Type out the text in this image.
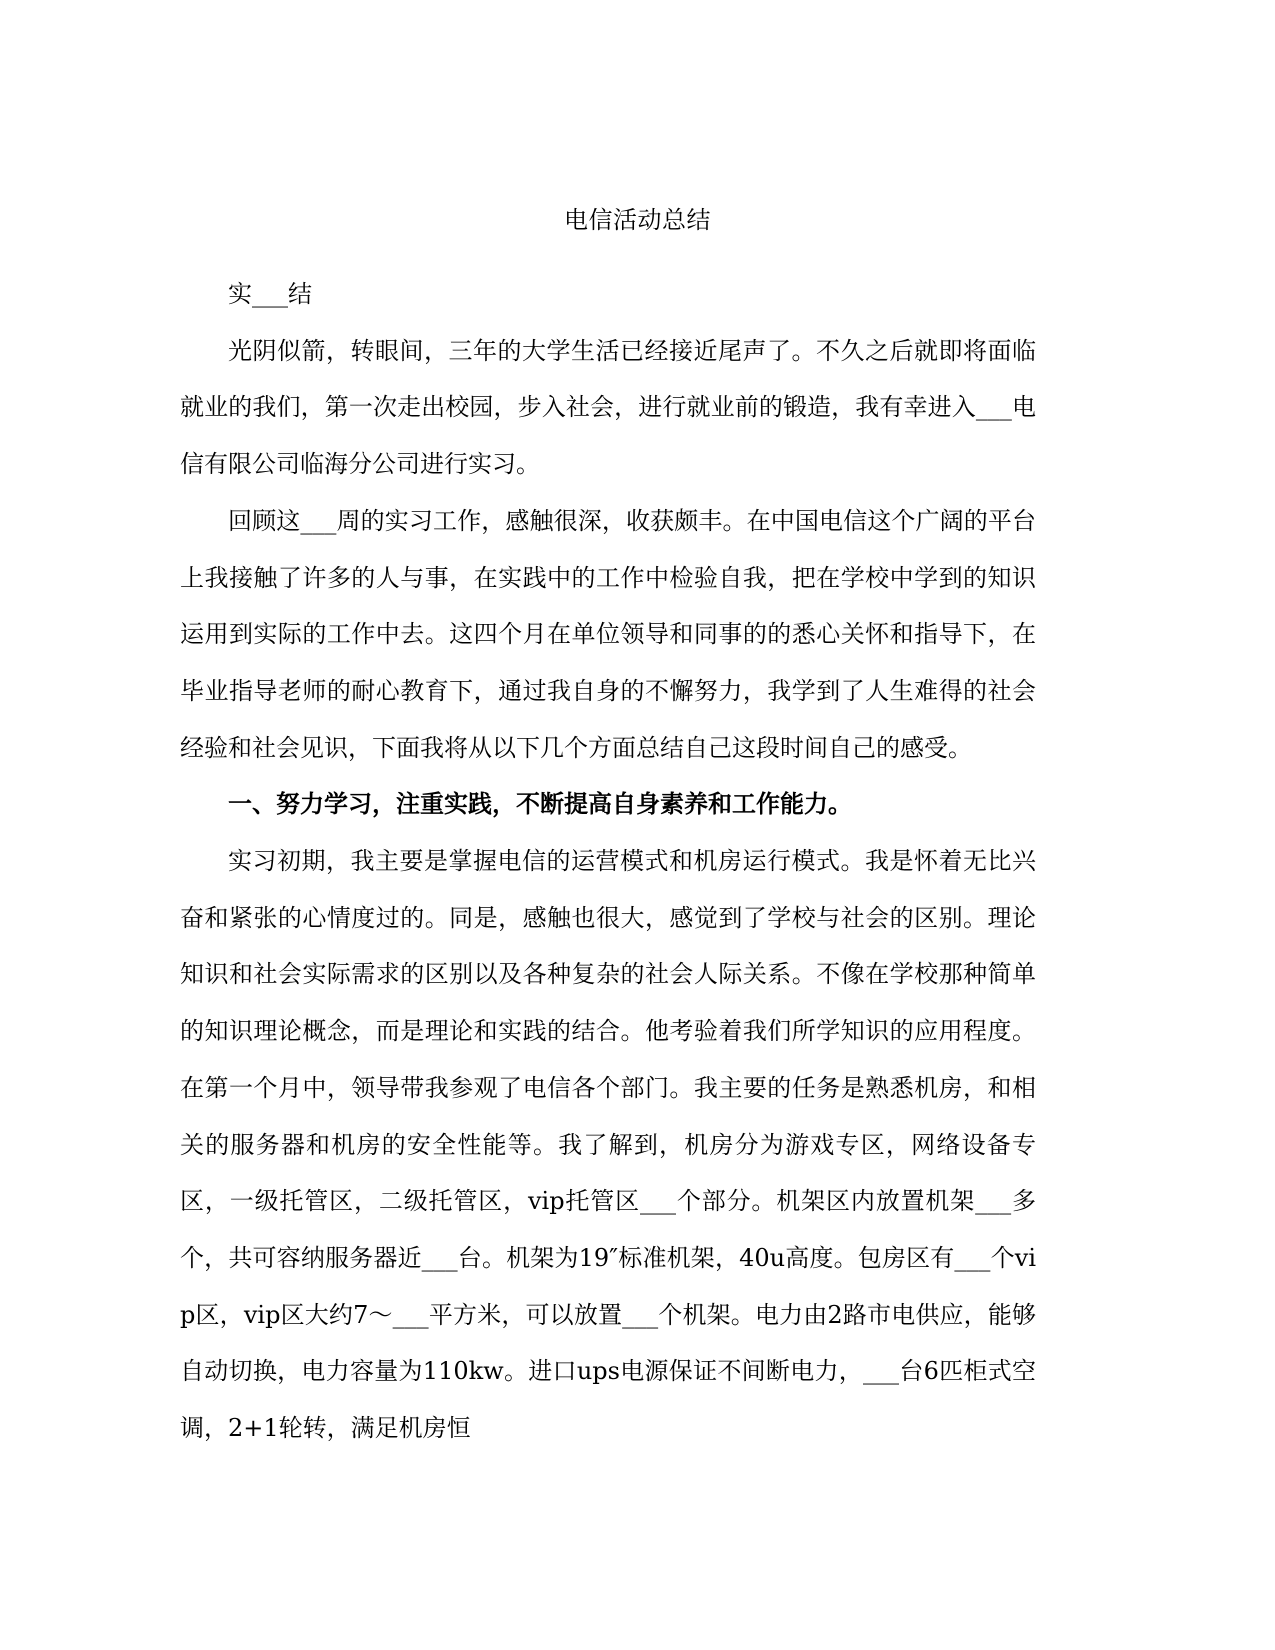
电信活动总结

实___结

光阴似箭，转眼间，三年的大学生活已经接近尾声了。不久之后就即将面临就业的我们，第一次走出校园，步入社会，进行就业前的锻造，我有幸进入___电信有限公司临海分公司进行实习。

回顾这___周的实习工作，感触很深，收获颇丰。在中国电信这个广阔的平台上我接触了许多的人与事，在实践中的工作中检验自我，把在学校中学到的知识运用到实际的工作中去。这四个月在单位领导和同事的的悉心关怀和指导下，在毕业指导老师的耐心教育下，通过我自身的不懈努力，我学到了人生难得的社会经验和社会见识，下面我将从以下几个方面总结自己这段时间自己的感受。

一、努力学习，注重实践，不断提高自身素养和工作能力。

实习初期，我主要是掌握电信的运营模式和机房运行模式。我是怀着无比兴奋和紧张的心情度过的。同是，感触也很大，感觉到了学校与社会的区别。理论知识和社会实际需求的区别以及各种复杂的社会人际关系。不像在学校那种简单的知识理论概念，而是理论和实践的结合。他考验着我们所学知识的应用程度。在第一个月中，领导带我参观了电信各个部门。我主要的任务是熟悉机房，和相关的服务器和机房的安全性能等。我了解到，机房分为游戏专区，网络设备专区，一级托管区，二级托管区，vip托管区___个部分。机架区内放置机架___多个，共可容纳服务器近___台。机架为19″标准机架，40u高度。包房区有___个vip区，vip区大约7～___平方米，可以放置___个机架。电力由2路市电供应，能够自动切换，电力容量为110kw。进口ups电源保证不间断电力，___台6匹柜式空调，2+1轮转，满足机房恒
